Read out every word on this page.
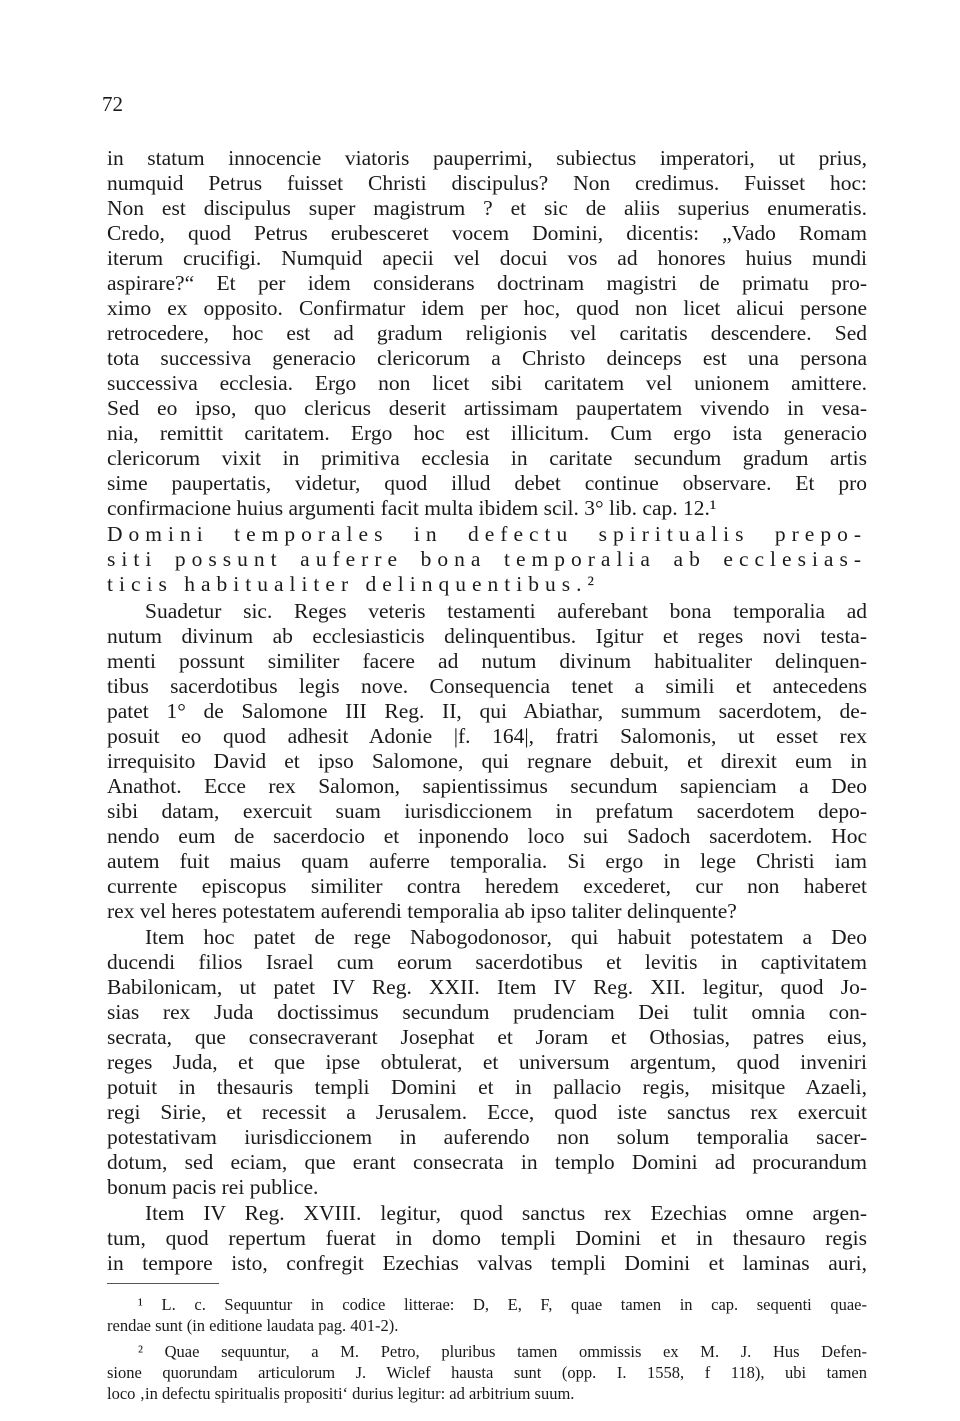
72
in statum innocencie viatoris pauperrimi, subiectus imperatori, ut prius,
numquid Petrus fuisset Christi discipulus? Non credimus. Fuisset hoc:
Non est discipulus super magistrum ? et sic de aliis superius enumeratis.
Credo, quod Petrus erubesceret vocem Domini, dicentis: „Vado Romam
iterum crucifigi. Numquid apecii vel docui vos ad honores huius mundi
aspirare?“ Et per idem considerans doctrinam magistri de primatu pro-
ximo ex opposito. Confirmatur idem per hoc, quod non licet alicui persone
retrocedere, hoc est ad gradum religionis vel caritatis descendere. Sed
tota successiva generacio clericorum a Christo deinceps est una persona
successiva ecclesia. Ergo non licet sibi caritatem vel unionem amittere.
Sed eo ipso, quo clericus deserit artissimam paupertatem vivendo in vesa-
nia, remittit caritatem. Ergo hoc est illicitum. Cum ergo ista generacio
clericorum vixit in primitiva ecclesia in caritate secundum gradum artis
sime paupertatis, videtur, quod illud debet continue observare. Et pro
confirmacione huius argumenti facit multa ibidem scil. 3° lib. cap. 12.¹
Domini temporales in defectu spiritualis prepo-
siti possunt auferre bona temporalia ab ecclesias-
ticis habitualiter delinquentibus.²
Suadetur sic. Reges veteris testamenti auferebant bona temporalia ad
nutum divinum ab ecclesiasticis delinquentibus. Igitur et reges novi testa-
menti possunt similiter facere ad nutum divinum habitualiter delinquen-
tibus sacerdotibus legis nove. Consequencia tenet a simili et antecedens
patet 1° de Salomone III Reg. II, qui Abiathar, summum sacerdotem, de-
posuit eo quod adhesit Adonie |f. 164|, fratri Salomonis, ut esset rex
irrequisito David et ipso Salomone, qui regnare debuit, et direxit eum in
Anathot. Ecce rex Salomon, sapientissimus secundum sapienciam a Deo
sibi datam, exercuit suam iurisdiccionem in prefatum sacerdotem depo-
nendo eum de sacerdocio et inponendo loco sui Sadoch sacerdotem. Hoc
autem fuit maius quam auferre temporalia. Si ergo in lege Christi iam
currente episcopus similiter contra heredem excederet, cur non haberet
rex vel heres potestatem auferendi temporalia ab ipso taliter delinquente?
Item hoc patet de rege Nabogodonosor, qui habuit potestatem a Deo
ducendi filios Israel cum eorum sacerdotibus et levitis in captivitatem
Babilonicam, ut patet IV Reg. XXII. Item IV Reg. XII. legitur, quod Jo-
sias rex Juda doctissimus secundum prudenciam Dei tulit omnia con-
secrata, que consecraverant Josephat et Joram et Othosias, patres eius,
reges Juda, et que ipse obtulerat, et universum argentum, quod inveniri
potuit in thesauris templi Domini et in pallacio regis, misitque Azaeli,
regi Sirie, et recessit a Jerusalem. Ecce, quod iste sanctus rex exercuit
potestativam iurisdiccionem in auferendo non solum temporalia sacer-
dotum, sed eciam, que erant consecrata in templo Domini ad procurandum
bonum pacis rei publice.
Item IV Reg. XVIII. legitur, quod sanctus rex Ezechias omne argen-
tum, quod repertum fuerat in domo templi Domini et in thesauro regis
in tempore isto, confregit Ezechias valvas templi Domini et laminas auri,
¹ L. c. Sequuntur in codice litterae: D, E, F, quae tamen in cap. sequenti quae-
rendae sunt (in editione laudata pag. 401-2).
² Quae sequuntur, a M. Petro, pluribus tamen ommissis ex M. J. Hus Defen-
sione quorundam articulorum J. Wiclef hausta sunt (opp. I. 1558, f 118), ubi tamen
loco ‚in defectu spiritualis propositi‘ durius legitur: ad arbitrium suum.
